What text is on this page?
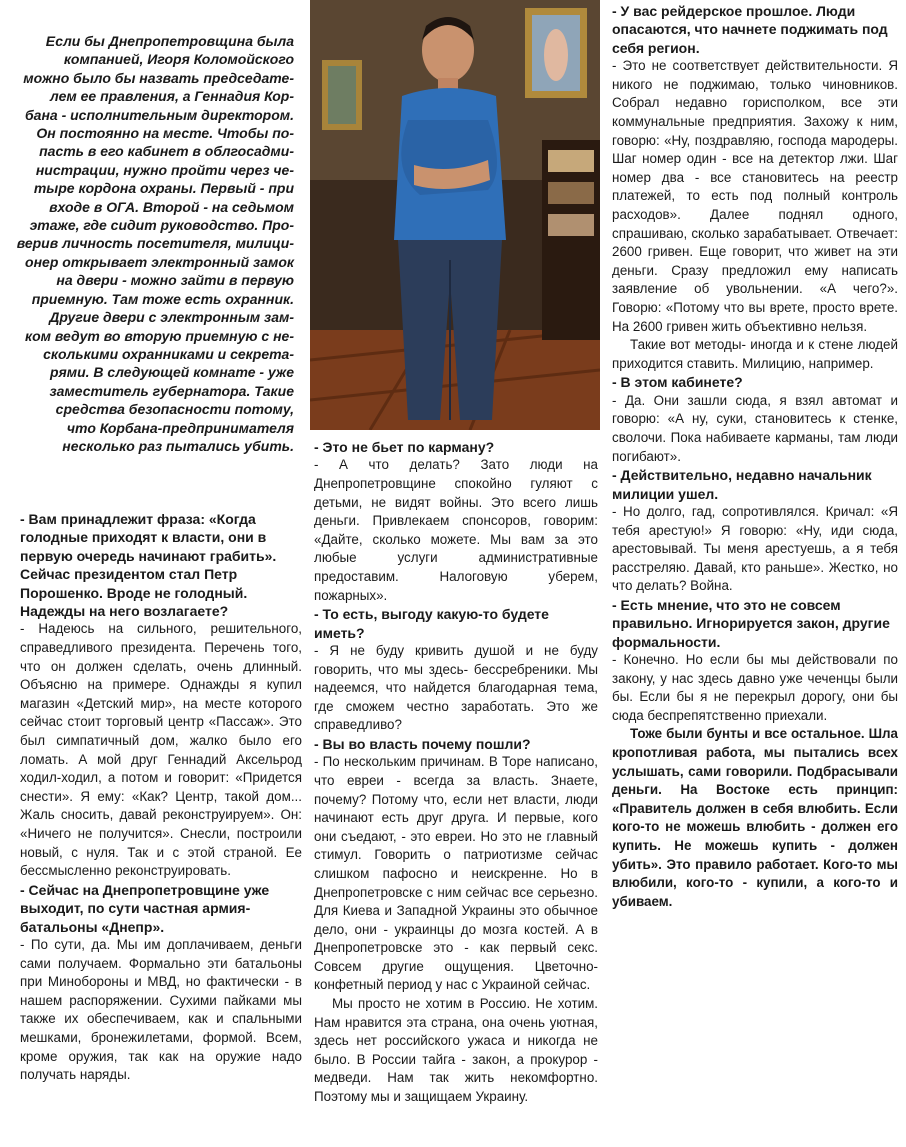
Если бы Днепропетровщина была

компанией, Игоря Коломойского

можно было бы назвать председате-

лем ее правления, а Геннадия Кор-

бана - исполнительным директором.

Он постоянно на месте. Чтобы по-

пасть в его кабинет в облгосадми-

нистрации, нужно пройти через че-

тыре кордона охраны. Первый - при

входе в ОГА. Второй - на седьмом

этаже, где сидит руководство. Про-

верив личность посетителя, милици-

онер открывает электронный замок

на двери - можно зайти в первую

приемную. Там тоже есть охранник.

Другие двери с электронным зам-

ком ведут во вторую приемную с не-

сколькими охранниками и секрета-

рями. В следующей комнате - уже

заместитель губернатора. Такие

средства безопасности потому,

что Корбана-предпринимателя

несколько раз пытались убить.

- Вам принадлежит фраза: «Когда голодные приходят к власти, они в первую очередь начинают грабить». Сейчас президентом стал Петр Порошенко. Вроде не голодный. Надежды на него возлагаете?

- Надеюсь на сильного, решительного, справедливого президента. Перечень того, что он должен сделать, очень длинный. Объясню на примере. Однажды я купил магазин «Детский мир», на месте которого сейчас стоит торговый центр «Пассаж». Это был симпатичный дом, жалко было его ломать. А мой друг Геннадий Аксельрод ходил-ходил, а потом и говорит: «Придется снести». Я ему: «Как? Центр, такой дом... Жаль сносить, давай реконструируем». Он: «Ничего не получится». Снесли, построили новый, с нуля. Так и с этой страной. Ее бессмысленно реконструировать.

- Сейчас на Днепропетровщине уже выходит, по сути частная армия- батальоны «Днепр».

- По сути, да. Мы им доплачиваем, деньги сами получаем. Формально эти батальоны при Минобороны и МВД, но фактически - в нашем распоряжении. Сухими пайками мы также их обеспечиваем, как и спальными мешками, бронежилетами, формой. Всем, кроме оружия, так как на оружие надо получать наряды.

- Это не бьет по карману?

- А что делать? Зато люди на Днепропетровщине спокойно гуляют с детьми, не видят войны. Это всего лишь деньги. Привлекаем спонсоров, говорим: «Дайте, сколько можете. Мы вам за это любые услуги административные предоставим. Налоговую уберем, пожарных».

- То есть, выгоду какую-то будете иметь?

- Я не буду кривить душой и не буду говорить, что мы здесь- бессребреники. Мы надеемся, что найдется благодарная тема, где сможем честно заработать. Это же справедливо?

- Вы во власть почему пошли?

- По нескольким причинам. В Торе написано, что евреи - всегда за власть. Знаете, почему? Потому что, если нет власти, люди начинают есть друг друга. И первые, кого они съедают, - это евреи. Но это не главный стимул. Говорить о патриотизме сейчас слишком пафосно и неискренне. Но в Днепропетровске с ним сейчас все серьезно. Для Киева и Западной Украины это обычное дело, они - украинцы до мозга костей. А в Днепропетровске это - как первый секс. Совсем другие ощущения. Цветочно-конфетный период у нас с Украиной сейчас.

Мы просто не хотим в Россию. Не хотим. Нам нравится эта страна, она очень уютная, здесь нет российского ужаса и никогда не было. В России тайга - закон, а прокурор - медведи. Нам так жить некомфортно. Поэтому мы и защищаем Украину.

- У вас рейдерское прошлое. Люди опасаются, что начнете поджимать под себя регион.

- Это не соответствует действительности. Я никого не поджимаю, только чиновников. Собрал недавно горисполком, все эти коммунальные предприятия. Захожу к ним, говорю: «Ну, поздравляю, господа мародеры. Шаг номер один - все на детектор лжи. Шаг номер два - все становитесь на реестр платежей, то есть под полный контроль расходов». Далее поднял одного, спрашиваю, сколько зарабатывает. Отвечает: 2600 гривен. Еще говорит, что живет на эти деньги. Сразу предложил ему написать заявление об увольнении. «А чего?». Говорю: «Потому что вы врете, просто врете. На 2600 гривен жить объективно нельзя.

Такие вот методы- иногда и к стене людей приходится ставить. Милицию, например.

- В этом кабинете?

- Да. Они зашли сюда, я взял автомат и говорю: «А ну, суки, становитесь к стенке, сволочи. Пока набиваете карманы, там люди погибают».

- Действительно, недавно начальник милиции ушел.

- Но долго, гад, сопротивлялся. Кричал: «Я тебя арестую!» Я говорю: «Ну, иди сюда, арестовывай. Ты меня арестуешь, а я тебя расстреляю. Давай, кто раньше». Жестко, но что делать? Война.

- Есть мнение, что это не совсем правильно. Игнорируется закон, другие формальности.

- Конечно. Но если бы мы действовали по закону, у нас здесь давно уже чеченцы были бы. Если бы я не перекрыл дорогу, они бы сюда беспрепятственно приехали.

Тоже были бунты и все остальное. Шла кропотливая работа, мы пытались всех услышать, сами говорили. Подбрасывали деньги. На Востоке есть принцип: «Правитель должен в себя влюбить. Если кого-то не можешь влюбить - должен его купить. Не можешь купить - должен убить». Это правило работает. Кого-то мы влюбили, кого-то - купили, а кого-то и убиваем.
